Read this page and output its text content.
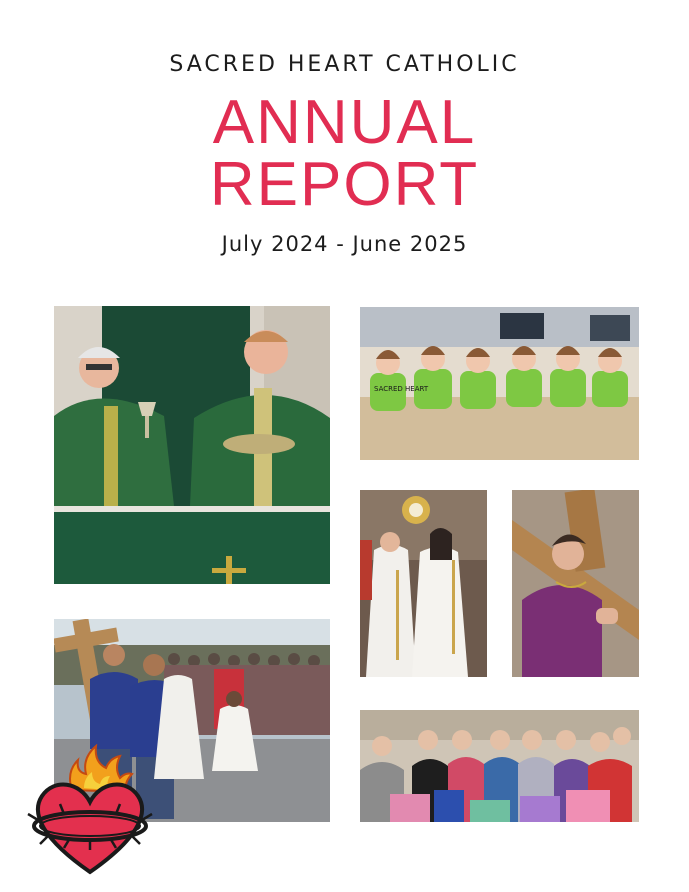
SACRED HEART CATHOLIC
ANNUAL
REPORT
July 2024 - June 2025
SACRED HEART
